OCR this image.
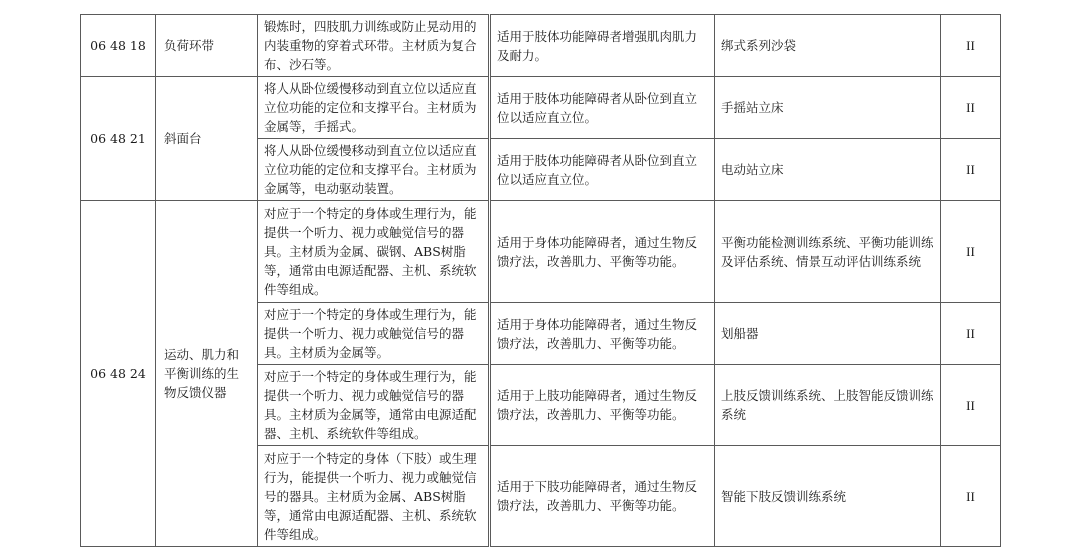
06 48 18	负荷环带	锻炼时，四肢肌力训练或防止晃动用的内装重物的穿着式环带。主材质为复合布、沙石等。	适用于肢体功能障碍者增强肌肉肌力及耐力。	绑式系列沙袋	II
06 48 21	斜面台	将人从卧位缓慢移动到直立位以适应直立位功能的定位和支撑平台。主材质为金属等，手摇式。	适用于肢体功能障碍者从卧位到直立位以适应直立位。	手摇站立床	II
		将人从卧位缓慢移动到直立位以适应直立位功能的定位和支撑平台。主材质为金属等，电动驱动装置。	适用于肢体功能障碍者从卧位到直立位以适应直立位。	电动站立床	II
06 48 24	运动、肌力和平衡训练的生物反馈仪器	对应于一个特定的身体或生理行为，能提供一个听力、视力或触觉信号的器具。主材质为金属、碳钢、ABS树脂等，通常由电源适配器、主机、系统软件等组成。	适用于身体功能障碍者，通过生物反馈疗法，改善肌力、平衡等功能。	平衡功能检测训练系统、平衡功能训练及评估系统、情景互动评估训练系统	II
		对应于一个特定的身体或生理行为，能提供一个听力、视力或触觉信号的器具。主材质为金属等。	适用于身体功能障碍者，通过生物反馈疗法，改善肌力、平衡等功能。	划船器	II
		对应于一个特定的身体或生理行为，能提供一个听力、视力或触觉信号的器具。主材质为金属等，通常由电源适配器、主机、系统软件等组成。	适用于上肢功能障碍者，通过生物反馈疗法，改善肌力、平衡等功能。	上肢反馈训练系统、上肢智能反馈训练系统	II
		对应于一个特定的身体（下肢）或生理行为，能提供一个听力、视力或触觉信号的器具。主材质为金属、ABS树脂等，通常由电源适配器、主机、系统软件等组成。	适用于下肢功能障碍者，通过生物反馈疗法，改善肌力、平衡等功能。	智能下肢反馈训练系统	II
